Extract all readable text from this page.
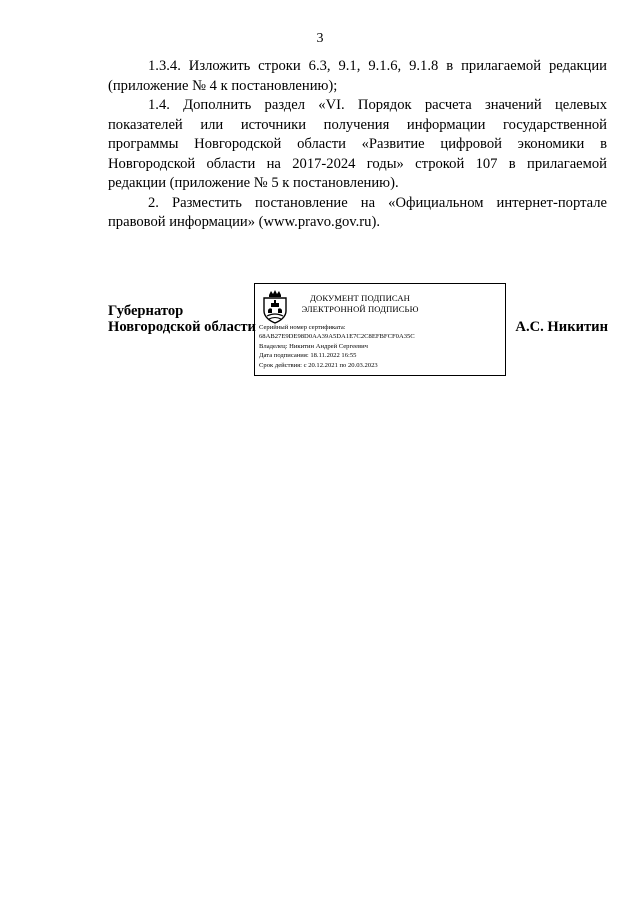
3

1.3.4. Изложить строки 6.3, 9.1, 9.1.6, 9.1.8 в прилагаемой редакции (приложение № 4 к постановлению);

1.4. Дополнить раздел «VI. Порядок расчета значений целевых показателей или источники получения информации государственной программы Новгородской области «Развитие цифровой экономики в Новгородской области на 2017-2024 годы» строкой 107 в прилагаемой редакции (приложение № 5 к постановлению).

2. Разместить постановление на «Официальном интернет-портале правовой информации» (www.pravo.gov.ru).

Губернатор
Новгородской области
ДОКУМЕНТ ПОДПИСАН
ЭЛЕКТРОННОЙ ПОДПИСЬЮ
Серийный номер сертификата:
68AB27E9DE98D0AA39A5DA1E7C2C8EFBFCF0A35C
Владелец: Никитин Андрей Сергеевич
Дата подписания: 18.11.2022 16:55
Срок действия: с 20.12.2021 по 20.03.2023
А.С. Никитин
